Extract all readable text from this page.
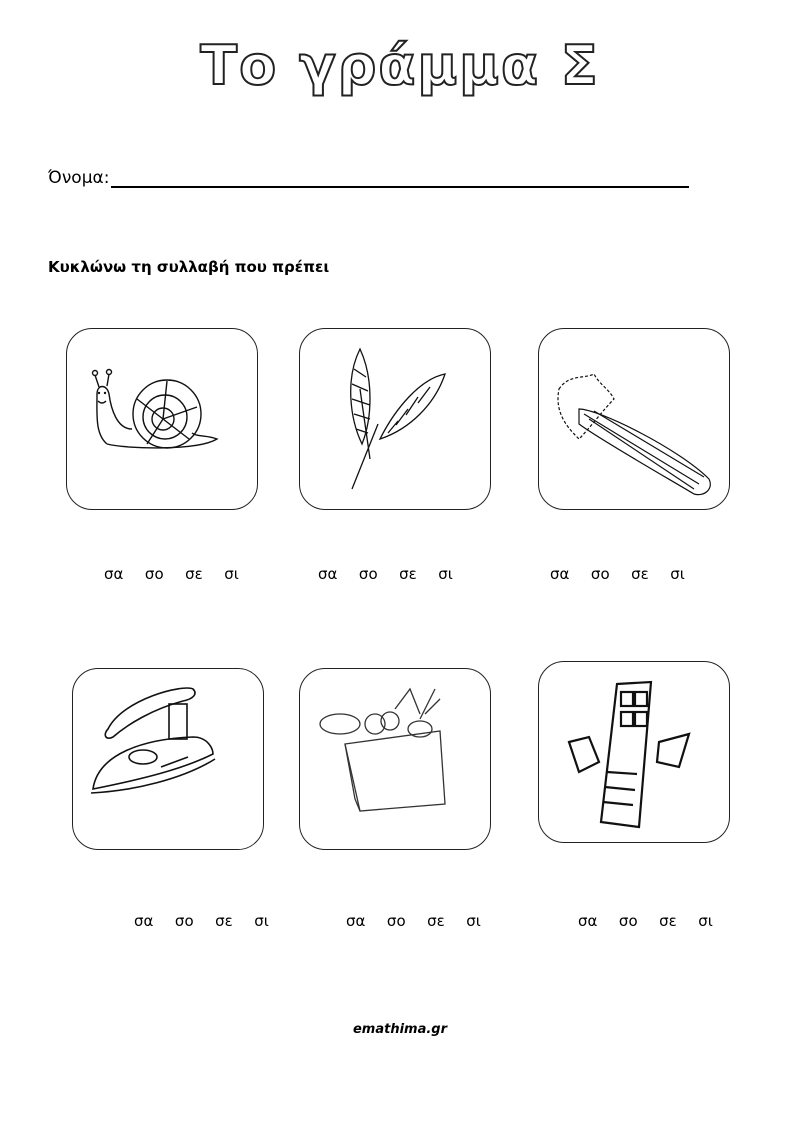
Το γράμμα Σ
Όνομα:
Κυκλώνω τη συλλαβή που πρέπει
σα  σο  σε  σι	σα  σο  σε  σι	σα  σο  σε  σι
σα  σο  σε  σι	σα  σο  σε  σι	σα  σο  σε  σι
emathima.gr
